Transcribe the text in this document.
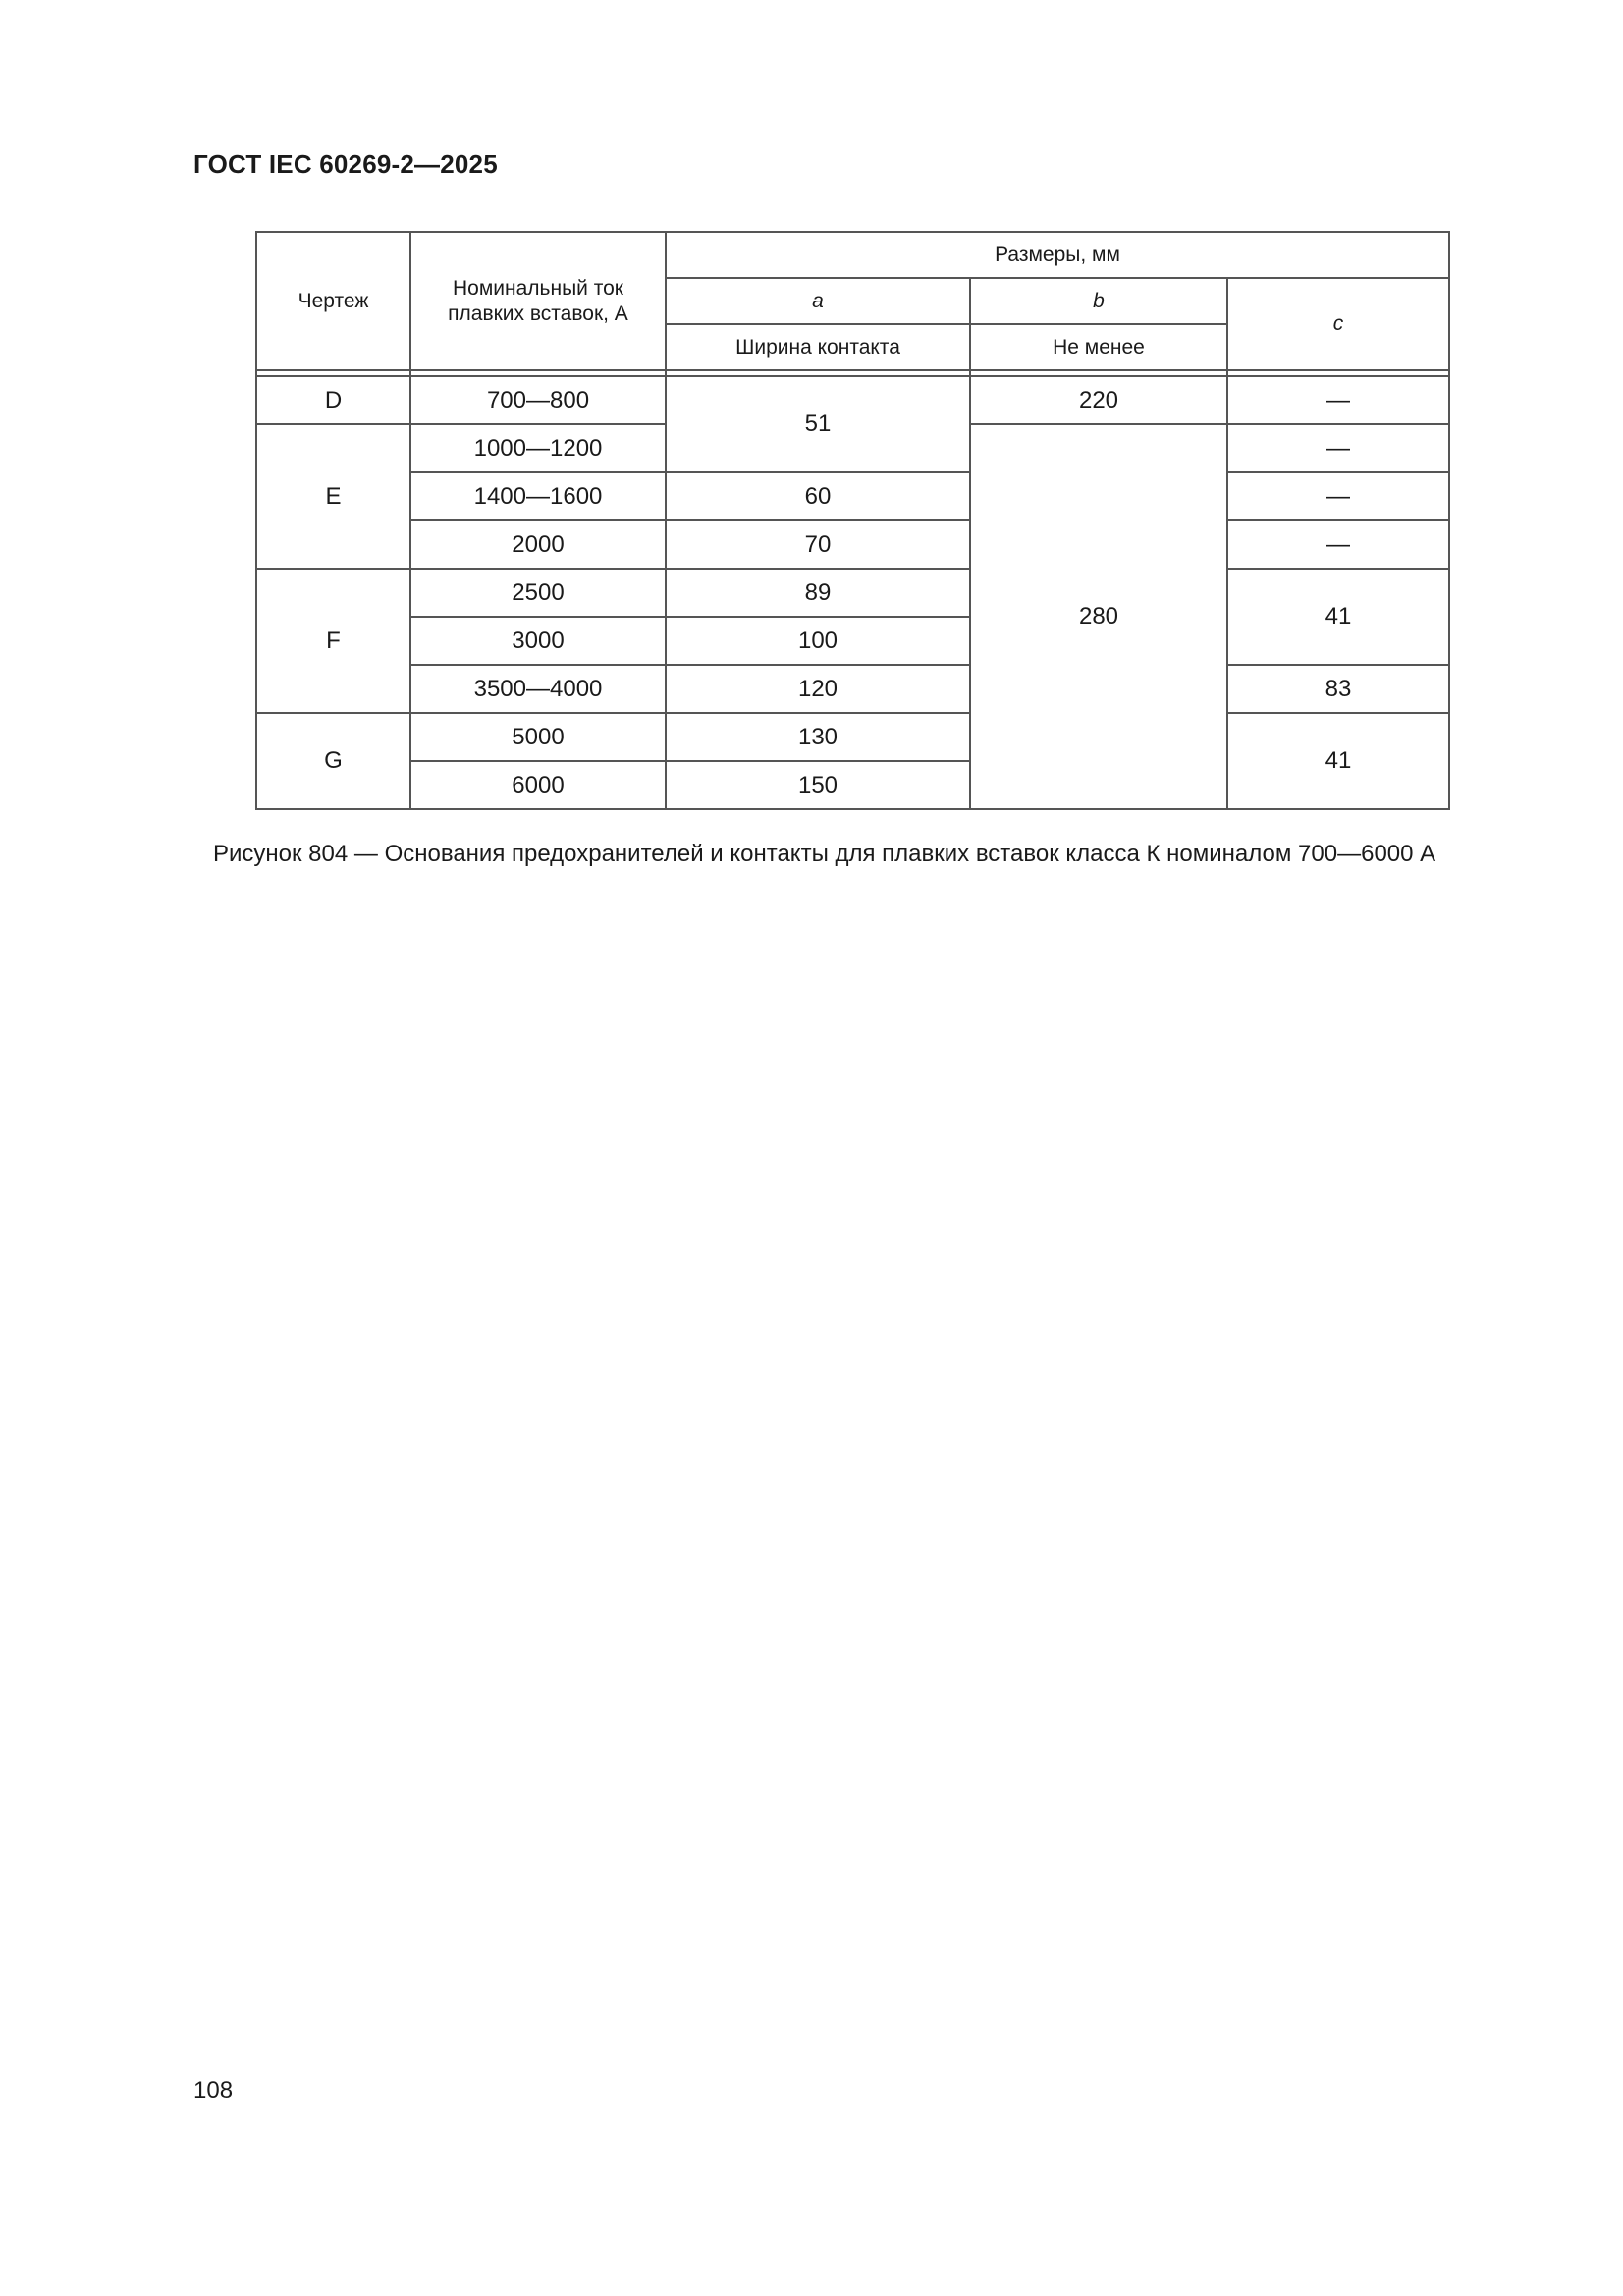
ГОСТ IEC 60269-2—2025
Чертеж	Номинальный ток плавких вставок, А	Размеры, мм		
		a	b	c
		Ширина контакта	Не менее	

D	700—800	51	220	—
E	1000—1200		280	—
	1400—1600	60		—
	2000	70		—
F	2500	89		41
	3000	100		
	3500—4000	120		83
G	5000	130		41
	6000	150		
Рисунок 804 — Основания предохранителей и контакты для плавких вставок класса К номиналом 700—6000 А
108
